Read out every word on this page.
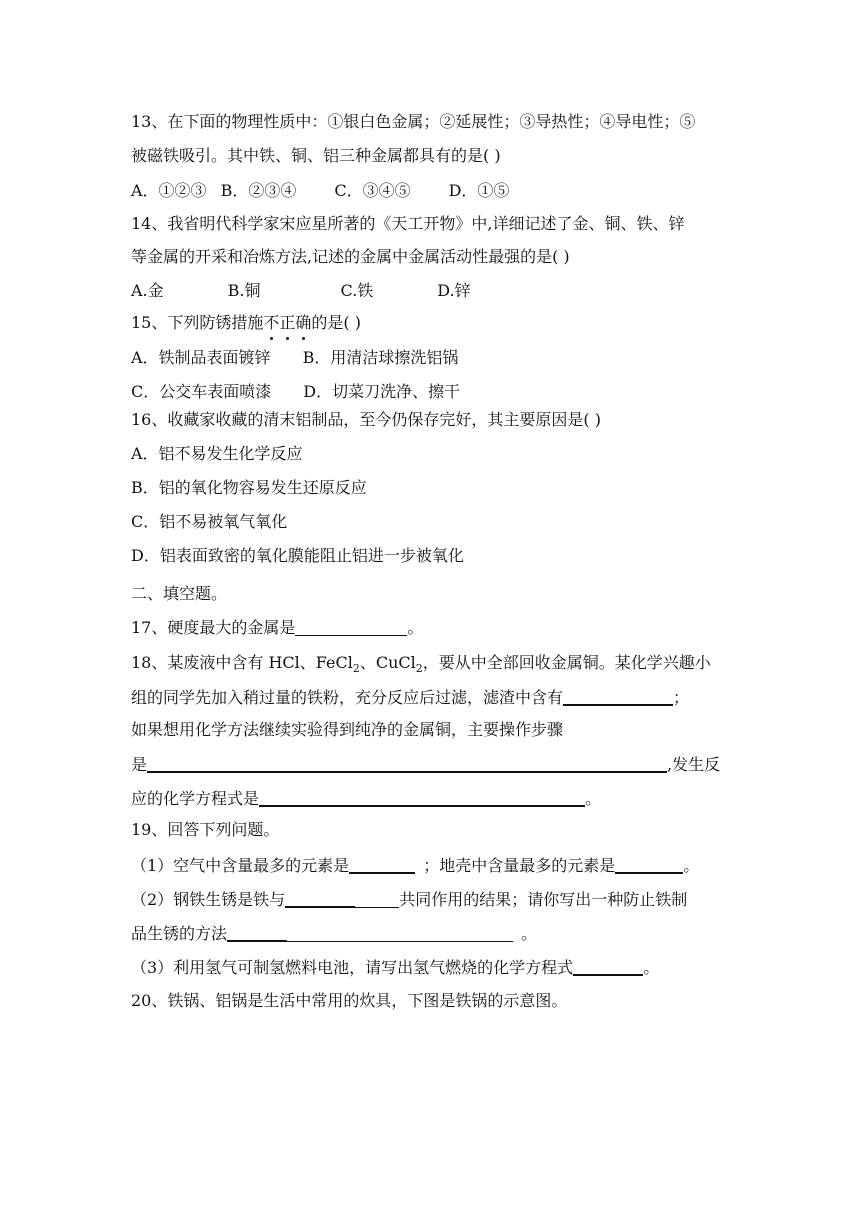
13、在下面的物理性质中：①银白色金属；②延展性；③导热性；④导电性；⑤
被磁铁吸引。其中铁、铜、铝三种金属都具有的是( )
A．①②③ B．②③④ C．③④⑤ D．①⑤
14、我省明代科学家宋应星所著的《天工开物》中,详细记述了金、铜、铁、锌
等金属的开采和冶炼方法,记述的金属中金属活动性最强的是( )
A.金	B.铜	C.铁	D.锌
15、下列防锈措施不正确的是( )
A．铁制品表面镀锌 B．用清洁球擦洗铝锅
C．公交车表面喷漆 D．切菜刀洗净、擦干
16、收藏家收藏的清末铝制品，至今仍保存完好，其主要原因是( )
A．铝不易发生化学反应
B．铝的氧化物容易发生还原反应
C．铝不易被氧气氧化
D．铝表面致密的氧化膜能阻止铝进一步被氧化
二、填空题。
17、硬度最大的金属是	。
18、某废液中含有 HCl、FeCl$_2$、CuCl$_2$，要从中全部回收金属铜。某化学兴趣小
组的同学先加入稍过量的铁粉，充分反应后过滤，滤渣中含有	；
如果想用化学方法继续实验得到纯净的金属铜，主要操作步骤
是	,发生反
应的化学方程式是	。
19、回答下列问题。
（1）空气中含量最多的元素是	；地壳中含量最多的元素是	。
（2）钢铁生锈是铁与	共同作用的结果；请你写出一种防止铁制
品生锈的方法	。
（3）利用氢气可制氢燃料电池，请写出氢气燃烧的化学方程式	。
20、铁锅、铝锅是生活中常用的炊具，下图是铁锅的示意图。
